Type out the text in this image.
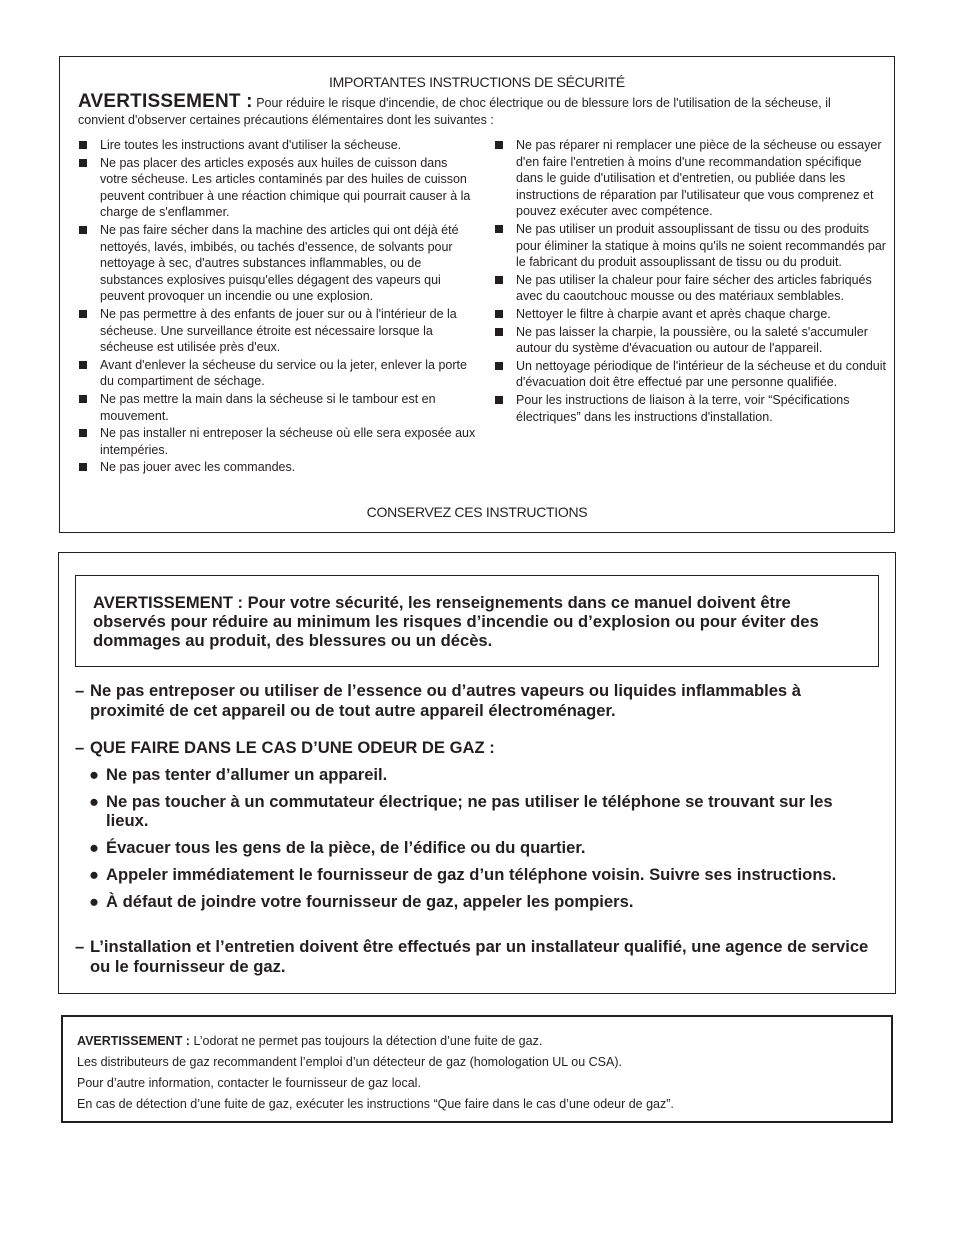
IMPORTANTES INSTRUCTIONS DE SÉCURITÉ
AVERTISSEMENT : Pour réduire le risque d'incendie, de choc électrique ou de blessure lors de l'utilisation de la sécheuse, il convient d'observer certaines précautions élémentaires dont les suivantes :
Lire toutes les instructions avant d'utiliser la sécheuse.
Ne pas placer des articles exposés aux huiles de cuisson dans votre sécheuse. Les articles contaminés par des huiles de cuisson peuvent contribuer à une réaction chimique qui pourrait causer à la charge de s'enflammer.
Ne pas faire sécher dans la machine des articles qui ont déjà été nettoyés, lavés, imbibés, ou tachés d'essence, de solvants pour nettoyage à sec, d'autres substances inflammables, ou de substances explosives puisqu'elles dégagent des vapeurs qui peuvent provoquer un incendie ou une explosion.
Ne pas permettre à des enfants de jouer sur ou à l'intérieur de la sécheuse. Une surveillance étroite est nécessaire lorsque la sécheuse est utilisée près d'eux.
Avant d'enlever la sécheuse du service ou la jeter, enlever la porte du compartiment de séchage.
Ne pas mettre la main dans la sécheuse si le tambour est en mouvement.
Ne pas installer ni entreposer la sécheuse où elle sera exposée aux intempéries.
Ne pas jouer avec les commandes.
Ne pas réparer ni remplacer une pièce de la sécheuse ou essayer d'en faire l'entretien à moins d'une recommandation spécifique dans le guide d'utilisation et d'entretien, ou publiée dans les instructions de réparation par l'utilisateur que vous comprenez et pouvez exécuter avec compétence.
Ne pas utiliser un produit assouplissant de tissu ou des produits pour éliminer la statique à moins qu'ils ne soient recommandés par le fabricant du produit assouplissant de tissu ou du produit.
Ne pas utiliser la chaleur pour faire sécher des articles fabriqués avec du caoutchouc mousse ou des matériaux semblables.
Nettoyer le filtre à charpie avant et après chaque charge.
Ne pas laisser la charpie, la poussière, ou la saleté s'accumuler autour du système d'évacuation ou autour de l'appareil.
Un nettoyage périodique de l'intérieur de la sécheuse et du conduit d'évacuation doit être effectué par une personne qualifiée.
Pour les instructions de liaison à la terre, voir “Spécifications électriques” dans les instructions d'installation.
CONSERVEZ CES INSTRUCTIONS
AVERTISSEMENT : Pour votre sécurité, les renseignements dans ce manuel doivent être observés pour réduire au minimum les risques d’incendie ou d’explosion ou pour éviter des dommages au produit, des blessures ou un décès.
– Ne pas entreposer ou utiliser de l’essence ou d’autres vapeurs ou liquides inflammables à proximité de cet appareil ou de tout autre appareil électroménager.
– QUE FAIRE DANS LE CAS D’UNE ODEUR DE GAZ :
● Ne pas tenter d’allumer un appareil.
● Ne pas toucher à un commutateur électrique; ne pas utiliser le téléphone se trouvant sur les lieux.
● Évacuer tous les gens de la pièce, de l’édifice ou du quartier.
● Appeler immédiatement le fournisseur de gaz d’un téléphone voisin. Suivre ses instructions.
● À défaut de joindre votre fournisseur de gaz, appeler les pompiers.
– L’installation et l’entretien doivent être effectués par un installateur qualifié, une agence de service ou le fournisseur de gaz.
AVERTISSEMENT : L’odorat ne permet pas toujours la détection d’une fuite de gaz.
Les distributeurs de gaz recommandent l’emploi d’un détecteur de gaz (homologation UL ou CSA).
Pour d’autre information, contacter le fournisseur de gaz local.
En cas de détection d’une fuite de gaz, exécuter les instructions “Que faire dans le cas d’une odeur de gaz”.
